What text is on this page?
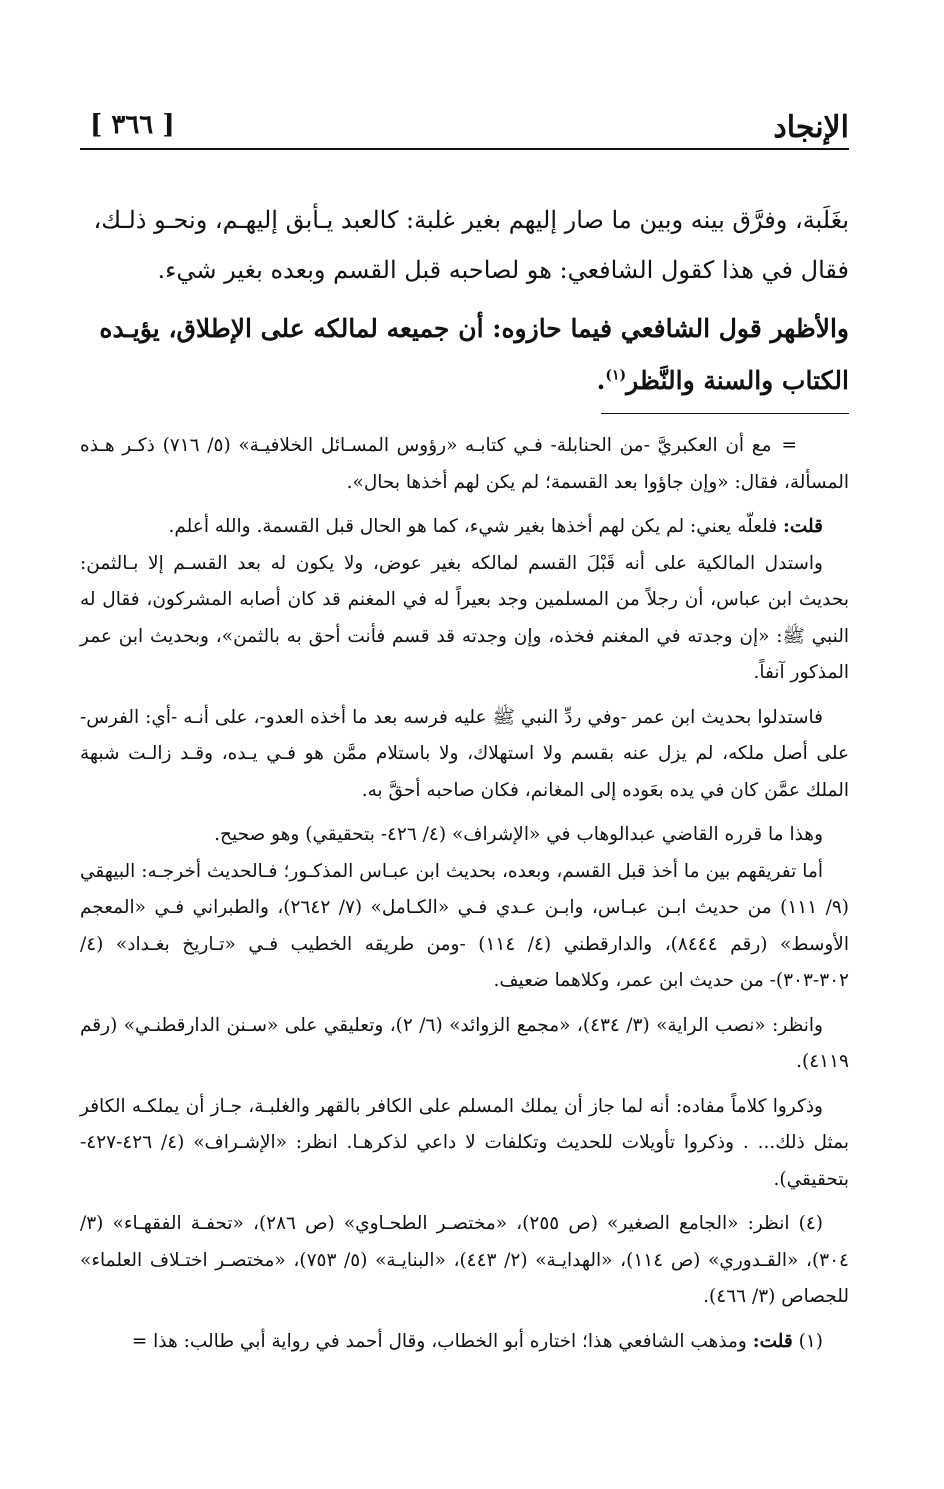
الإنجاد
[ ٣٦٦ ]

بغَلَبة، وفرَّق بينه وبين ما صار إليهم بغير غلبة: كالعبد يـأبق إليهـم، ونحـو ذلـك،

فقال في هذا كقول الشافعي: هو لصاحبه قبل القسم وبعده بغير شيء.

والأظهر قول الشافعي فيما حازوه: أن جميعه لمالكه على الإطلاق، يؤيـده
الكتاب والسنة والنَّظر$^{(١)}$.

=مع أن العكبريَّ -من الحنابلة- فـي كتابـه «رؤوس المسـائل الخلافيـة» (٥/ ٧١٦) ذكـر هـذه المسألة، فقال: «وإن جاؤوا بعد القسمة؛ لم يكن لهم أخذها بحال».

قلت: فلعلّه يعني: لم يكن لهم أخذها بغير شيء، كما هو الحال قبل القسمة. والله أعلم.

واستدل المالكية على أنه قَبْلَ القسم لمالكه بغير عوض، ولا يكون له بعد القسـم إلا بـالثمن: بحديث ابن عباس، أن رجلاً من المسلمين وجد بعيراً له في المغنم قد كان أصابه المشركون، فقال له النبي ﷺ: «إن وجدته في المغنم فخذه، وإن وجدته قد قسم فأنت أحق به بالثمن»، وبحديث ابن عمر المذكور آنفاً.

فاستدلوا بحديث ابن عمر -وفي ردِّ النبي ﷺ عليه فرسه بعد ما أخذه العدو-، على أنـه -أي: الفرس- على أصل ملكه، لم يزل عنه بقسم ولا استهلاك، ولا باستلام ممَّن هو فـي يـده، وقـد زالـت شبهة الملك عمَّن كان في يده بعَوده إلى المغانم، فكان صاحبه أحقَّ به.

وهذا ما قرره القاضي عبدالوهاب في «الإشراف» (٤/ ٤٢٦- بتحقيقي) وهو صحيح.

أما تفريقهم بين ما أخذ قبل القسم، وبعده، بحديث ابن عبـاس المذكـور؛ فـالحديث أخرجـه: البيهقي (٩/ ١١١) من حديث ابـن عبـاس، وابـن عـدي فـي «الكـامل» (٧/ ٢٦٤٢)، والطبراني فـي «المعجم الأوسط» (رقم ٨٤٤٤)، والدارقطني (٤/ ١١٤) -ومن طريقه الخطيب فـي «تـاريخ بغـداد» (٤/ ٣٠٢-٣٠٣)- من حديث ابن عمر، وكلاهما ضعيف.

وانظر: «نصب الراية» (٣/ ٤٣٤)، «مجمع الزوائد» (٦/ ٢)، وتعليقي على «سـنن الدارقطنـي» (رقم ٤١١٩).

وذكروا كلاماً مفاده: أنه لما جاز أن يملك المسلم على الكافر بالقهر والغلبـة، جـاز أن يملكـه الكافر بمثل ذلك... . وذكروا تأويلات للحديث وتكلفات لا داعي لذكرهـا. انظر: «الإشـراف» (٤/ ٤٢٦-٤٢٧- بتحقيقي).

(٤) انظر: «الجامع الصغير» (ص ٢٥٥)، «مختصـر الطحـاوي» (ص ٢٨٦)، «تحفـة الفقهـاء» (٣/ ٣٠٤)، «القـدوري» (ص ١١٤)، «الهدايـة» (٢/ ٤٤٣)، «البنايـة» (٥/ ٧٥٣)، «مختصـر اختـلاف العلماء» للجصاص (٣/ ٤٦٦).

(١) قلت: ومذهب الشافعي هذا؛ اختاره أبو الخطاب، وقال أحمد في رواية أبي طالب: هذا =
